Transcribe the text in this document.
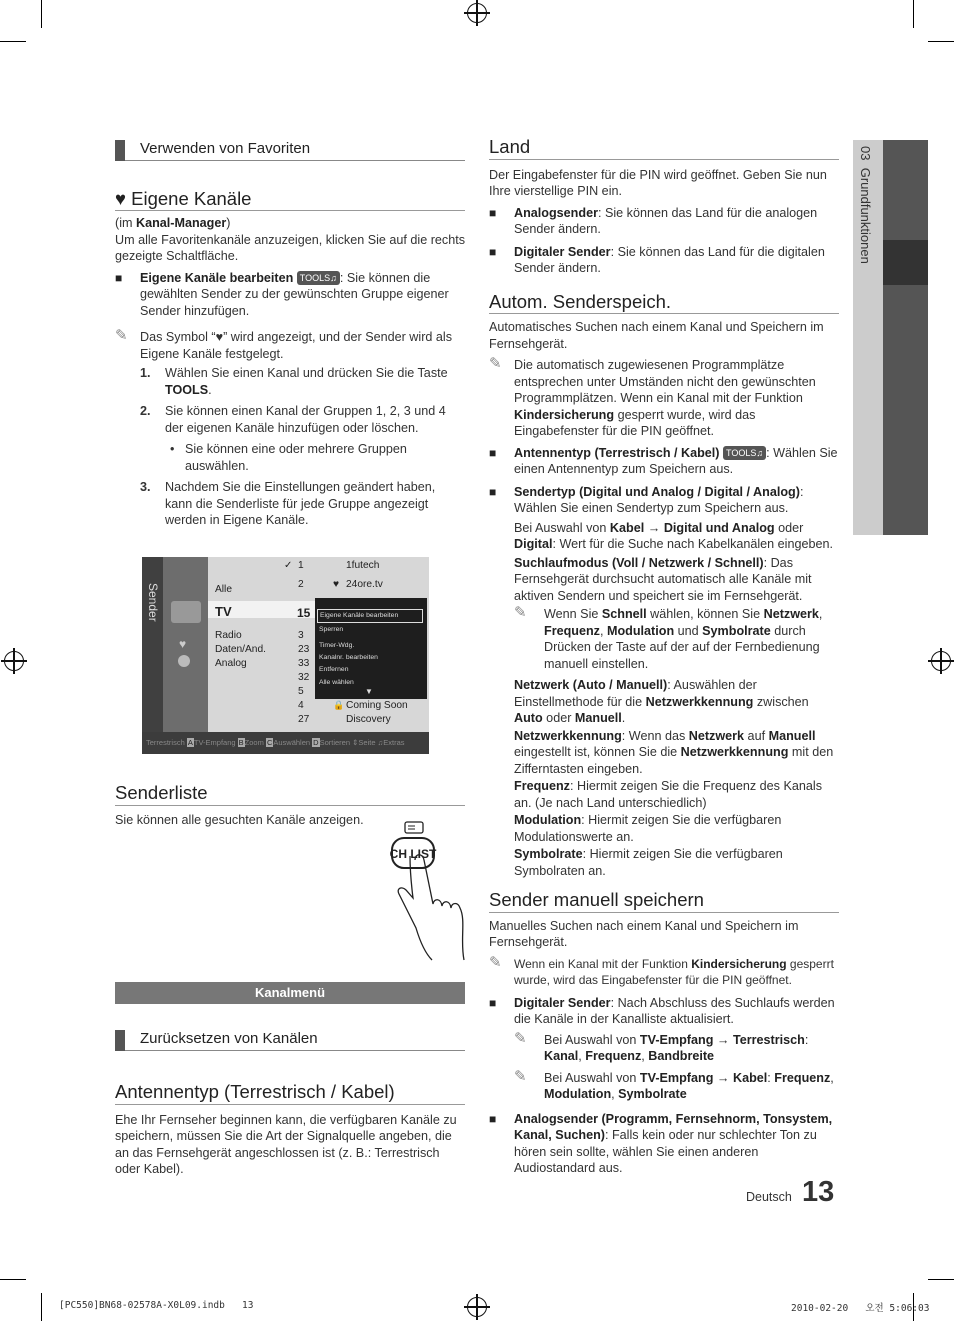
03  Grundfunktionen
Verwenden von Favoriten
♥ Eigene Kanäle

(im Kanal-Manager)

Um alle Favoritenkanäle anzuzeigen, klicken Sie auf die rechts gezeigte Schaltfläche.

■ Eigene Kanäle bearbeiten TOOLS♫ : Sie können die gewählten Sender zu der gewünschten Gruppe eigener Sender hinzufügen.
✎ Das Symbol “♥” wird angezeigt, und der Sender wird als Eigene Kanäle festgelegt.
1. Wählen Sie einen Kanal und drücken Sie die Taste TOOLS.
2. Sie können einen Kanal der Gruppen 1, 2, 3 und 4 der eigenen Kanäle hinzufügen oder löschen.
• Sie können eine oder mehrere Gruppen auswählen.
3. Nachdem Sie die Einstellungen geändert haben, kann die Senderliste für jede Gruppe angezeigt werden in Eigene Kanäle.
Sender
♥
Alle
TV
Radio
Daten/And.
Analog
✓ 1
2
15
3
23
33
32
5
4
27
1futech
♥ 24ore.tv
🔒 Coming Soon
Discovery
Eigene Kanäle bearbeiten
Sperren
Timer-Wdg.
Kanalnr. bearbeiten
Entfernen
Alle wählen
▼
Terrestrisch ATV-Empfang BZoom CAuswählen DSortieren ⇕Seite ♫Extras
Senderliste

Sie können alle gesuchten Kanäle anzeigen.

CH LIST
Kanalmenü
Zurücksetzen von Kanälen
Antennentyp (Terrestrisch / Kabel)

Ehe Ihr Fernseher beginnen kann, die verfügbaren Kanäle zu speichern, müssen Sie die Art der Signalquelle angeben, die an das Fernsehgerät angeschlossen ist (z. B.: Terrestrisch oder Kabel).

Land

Der Eingabefenster für die PIN wird geöffnet. Geben Sie nun Ihre vierstellige PIN ein.

■ Analogsender: Sie können das Land für die analogen Sender ändern.
■ Digitaler Sender: Sie können das Land für die digitalen Sender ändern.
Autom. Senderspeich.

Automatisches Suchen nach einem Kanal und Speichern im Fernsehgerät.

✎ Die automatisch zugewiesenen Programmplätze entsprechen unter Umständen nicht den gewünschten Programmplätzen. Wenn ein Kanal mit der Funktion Kindersicherung gesperrt wurde, wird das Eingabefenster für die PIN geöffnet.
■ Antennentyp (Terrestrisch / Kabel) TOOLS♫ : Wählen Sie einen Antennentyp zum Speichern aus.
■ Sendertyp (Digital und Analog / Digital / Analog): Wählen Sie einen Sendertyp zum Speichern aus.

Bei Auswahl von Kabel → Digital und Analog oder Digital: Wert für die Suche nach Kabelkanälen eingeben.

Suchlaufmodus (Voll / Netzwerk / Schnell): Das Fernsehgerät durchsucht automatisch alle Kanäle mit aktiven Sendern und speichert sie im Fernsehgerät.

✎ Wenn Sie Schnell wählen, können Sie Netzwerk, Frequenz, Modulation und Symbolrate durch Drücken der Taste auf der auf der Fernbedienung manuell einstellen.

Netzwerk (Auto / Manuell): Auswählen der Einstellmethode für die Netzwerkkennung zwischen Auto oder Manuell.

Netzwerkkennung: Wenn das Netzwerk auf Manuell eingestellt ist, können Sie die Netzwerkkennung mit den Zifferntasten eingeben.

Frequenz: Hiermit zeigen Sie die Frequenz des Kanals an. (Je nach Land unterschiedlich)

Modulation: Hiermit zeigen Sie die verfügbaren Modulationswerte an.

Symbolrate: Hiermit zeigen Sie die verfügbaren Symbolraten an.

Sender manuell speichern

Manuelles Suchen nach einem Kanal und Speichern im Fernsehgerät.

✎ Wenn ein Kanal mit der Funktion Kindersicherung gesperrt wurde, wird das Eingabefenster für die PIN geöffnet.
■ Digitaler Sender: Nach Abschluss des Suchlaufs werden die Kanäle in der Kanalliste aktualisiert.
✎ Bei Auswahl von TV-Empfang → Terrestrisch: Kanal, Frequenz, Bandbreite
✎ Bei Auswahl von TV-Empfang → Kabel: Frequenz, Modulation, Symbolrate
■ Analogsender (Programm, Fernsehnorm, Tonsystem, Kanal, Suchen): Falls kein oder nur schlechter Ton zu hören sein sollte, wählen Sie einen anderen Audiostandard aus.
Deutsch 13
[PC550]BN68-02578A-X0L09.indb   13	2010-02-20   오전 5:06:03
